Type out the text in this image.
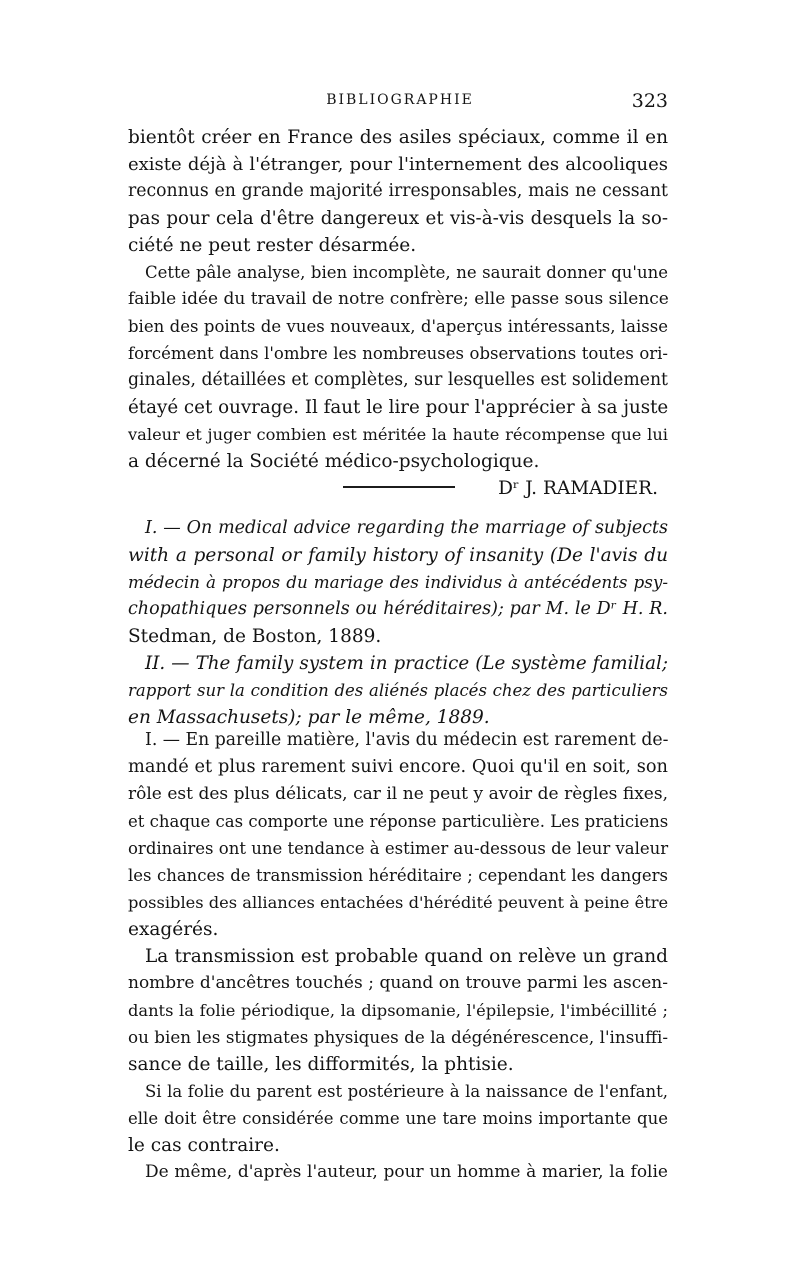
BIBLIOGRAPHIE	323
bientôt créer en France des asiles spéciaux, comme il en
existe déjà à l'étranger, pour l'internement des alcooliques
reconnus en grande majorité irresponsables, mais ne cessant
pas pour cela d'être dangereux et vis-à-vis desquels la so-
ciété ne peut rester désarmée.
Cette pâle analyse, bien incomplète, ne saurait donner qu'une
faible idée du travail de notre confrère; elle passe sous silence
bien des points de vues nouveaux, d'aperçus intéressants, laisse
forcément dans l'ombre les nombreuses observations toutes ori-
ginales, détaillées et complètes, sur lesquelles est solidement
étayé cet ouvrage. Il faut le lire pour l'apprécier à sa juste
valeur et juger combien est méritée la haute récompense que lui
a décerné la Société médico-psychologique.
Dʳ J. RAMADIER.
I. — On medical advice regarding the marriage of subjects
with a personal or family history of insanity (De l'avis du
médecin à propos du mariage des individus à antécédents psy-
chopathiques personnels ou héréditaires); par M. le Dʳ H. R.
Stedman, de Boston, 1889.
II. — The family system in practice (Le système familial;
rapport sur la condition des aliénés placés chez des particuliers
en Massachusets); par le même, 1889.
I. — En pareille matière, l'avis du médecin est rarement de-
mandé et plus rarement suivi encore. Quoi qu'il en soit, son
rôle est des plus délicats, car il ne peut y avoir de règles fixes,
et chaque cas comporte une réponse particulière. Les praticiens
ordinaires ont une tendance à estimer au-dessous de leur valeur
les chances de transmission héréditaire ; cependant les dangers
possibles des alliances entachées d'hérédité peuvent à peine être
exagérés.
La transmission est probable quand on relève un grand
nombre d'ancêtres touchés ; quand on trouve parmi les ascen-
dants la folie périodique, la dipsomanie, l'épilepsie, l'imbécillité ;
ou bien les stigmates physiques de la dégénérescence, l'insuffi-
sance de taille, les difformités, la phtisie.
Si la folie du parent est postérieure à la naissance de l'enfant,
elle doit être considérée comme une tare moins importante que
le cas contraire.
De même, d'après l'auteur, pour un homme à marier, la folie
